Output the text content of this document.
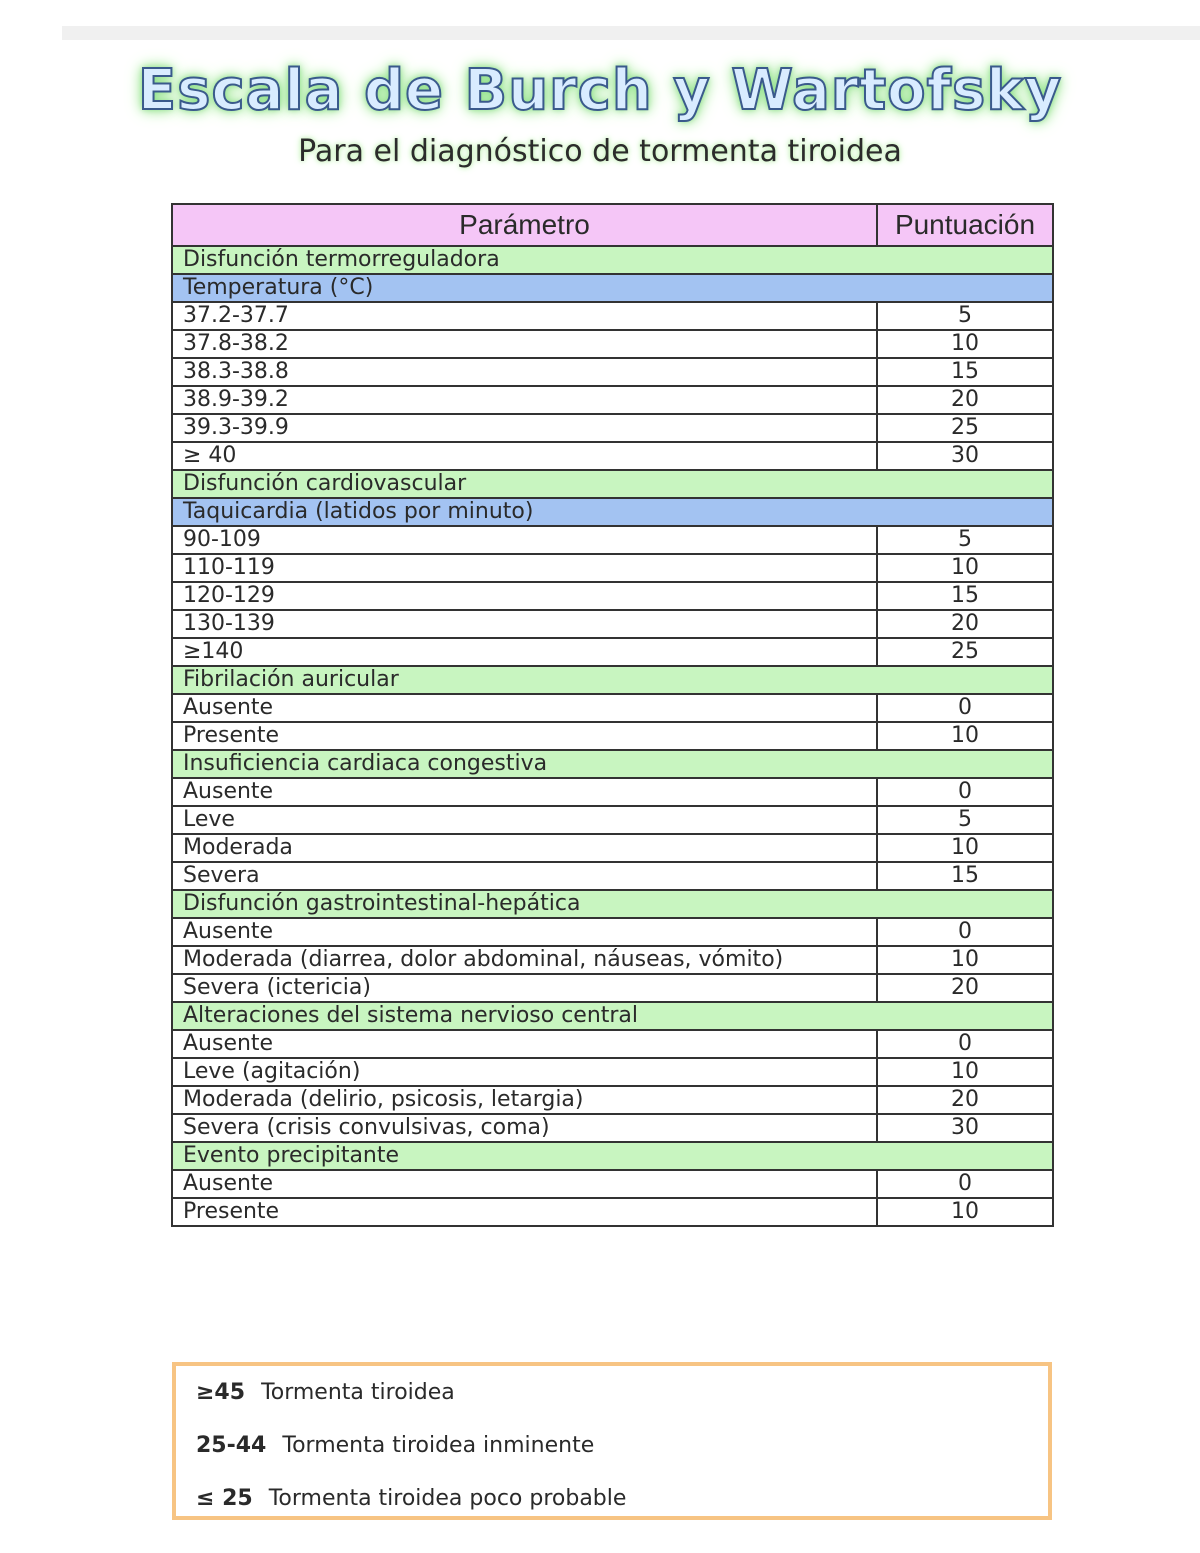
Escala de Burch y Wartofsky
Para el diagnóstico de tormenta tiroidea
Parámetro	Puntuación
Disfunción termorreguladora	
Temperatura (°C)	
37.2-37.7	5
37.8-38.2	10
38.3-38.8	15
38.9-39.2	20
39.3-39.9	25
≥ 40	30
Disfunción cardiovascular	
Taquicardia (latidos por minuto)	
90-109	5
110-119	10
120-129	15
130-139	20
≥140	25
Fibrilación auricular	
Ausente	0
Presente	10
Insuficiencia cardiaca congestiva	
Ausente	0
Leve	5
Moderada	10
Severa	15
Disfunción gastrointestinal-hepática	
Ausente	0
Moderada (diarrea, dolor abdominal, náuseas, vómito)	10
Severa (ictericia)	20
Alteraciones del sistema nervioso central	
Ausente	0
Leve (agitación)	10
Moderada (delirio, psicosis, letargia)	20
Severa (crisis convulsivas, coma)	30
Evento precipitante	
Ausente	0
Presente	10
≥45 Tormenta tiroidea
25-44 Tormenta tiroidea inminente
≤ 25 Tormenta tiroidea poco probable
